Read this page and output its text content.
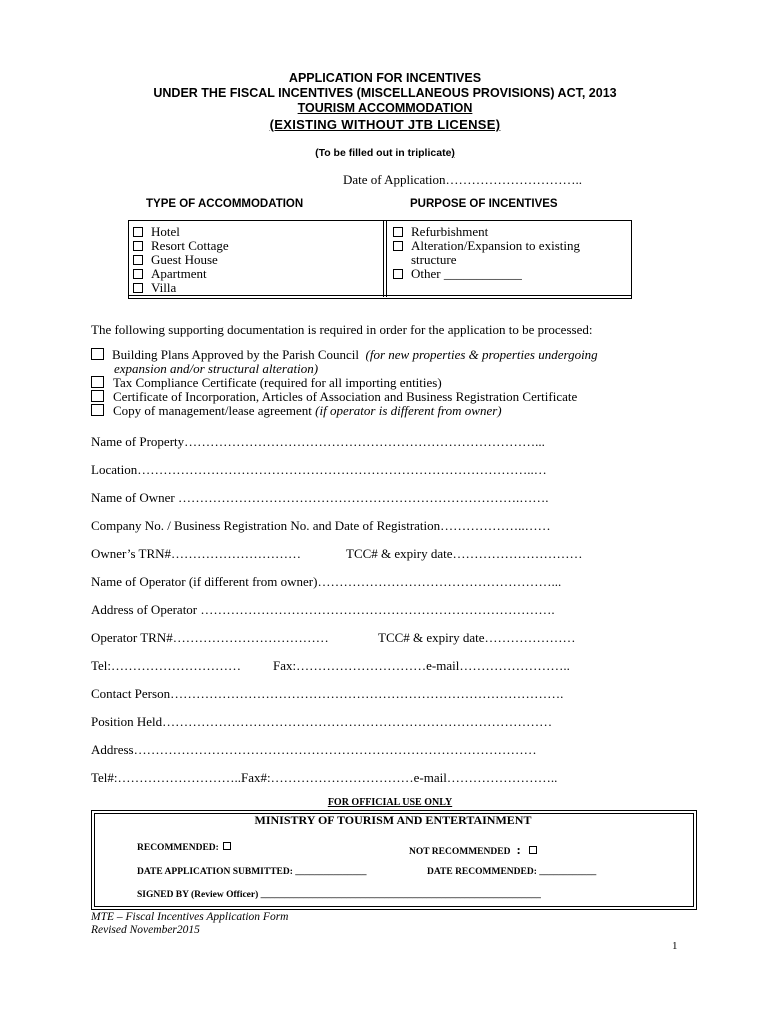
APPLICATION FOR INCENTIVES
UNDER THE FISCAL INCENTIVES (MISCELLANEOUS PROVISIONS) ACT, 2013
TOURISM ACCOMMODATION
(EXISTING WITHOUT JTB LICENSE)
(To be filled out in triplicate)
Date of Application…………………………..
TYPE OF ACCOMMODATION	PURPOSE OF INCENTIVES
Hotel
Resort Cottage
Guest House
Apartment
Villa
Refurbishment
Alteration/Expansion to existing
structure
Other ____________
The following supporting documentation is required in order for the application to be processed:
Building Plans Approved by the Parish Council (for new properties & properties undergoing
expansion and/or structural alteration)
Tax Compliance Certificate (required for all importing entities)
Certificate of Incorporation, Articles of Association and Business Registration Certificate
Copy of management/lease agreement (if operator is different from owner)
Name of Property………………………………………………………………………...
Location………………………………………………………………………………..…
Name of Owner …………………………………………………………………….…….
Company No. / Business Registration No. and Date of Registration………………..……
Owner’s TRN#…………………………	TCC# & expiry date…………………………
Name of Operator (if different from owner)………………………………………………...
Address of Operator ……………………………………………………………………….
Operator TRN#………………………………	TCC# & expiry date…………………
Tel:………………………… Fax:…………………………e-mail……………………..
Contact Person……………………………………………………………………………….
Position Held………………………………………………………………………………
Address…………………………………………………………………………………
Tel#:………………………..Fax#:……………………………e-mail……………………..
FOR OFFICIAL USE ONLY
MINISTRY OF TOURISM AND ENTERTAINMENT
RECOMMENDED:	NOT RECOMMENDED :
DATE APPLICATION SUBMITTED: _______________	DATE RECOMMENDED: ____________
SIGNED BY (Review Officer) ___________________________________________________________
MTE – Fiscal Incentives Application Form
Revised November2015
1
